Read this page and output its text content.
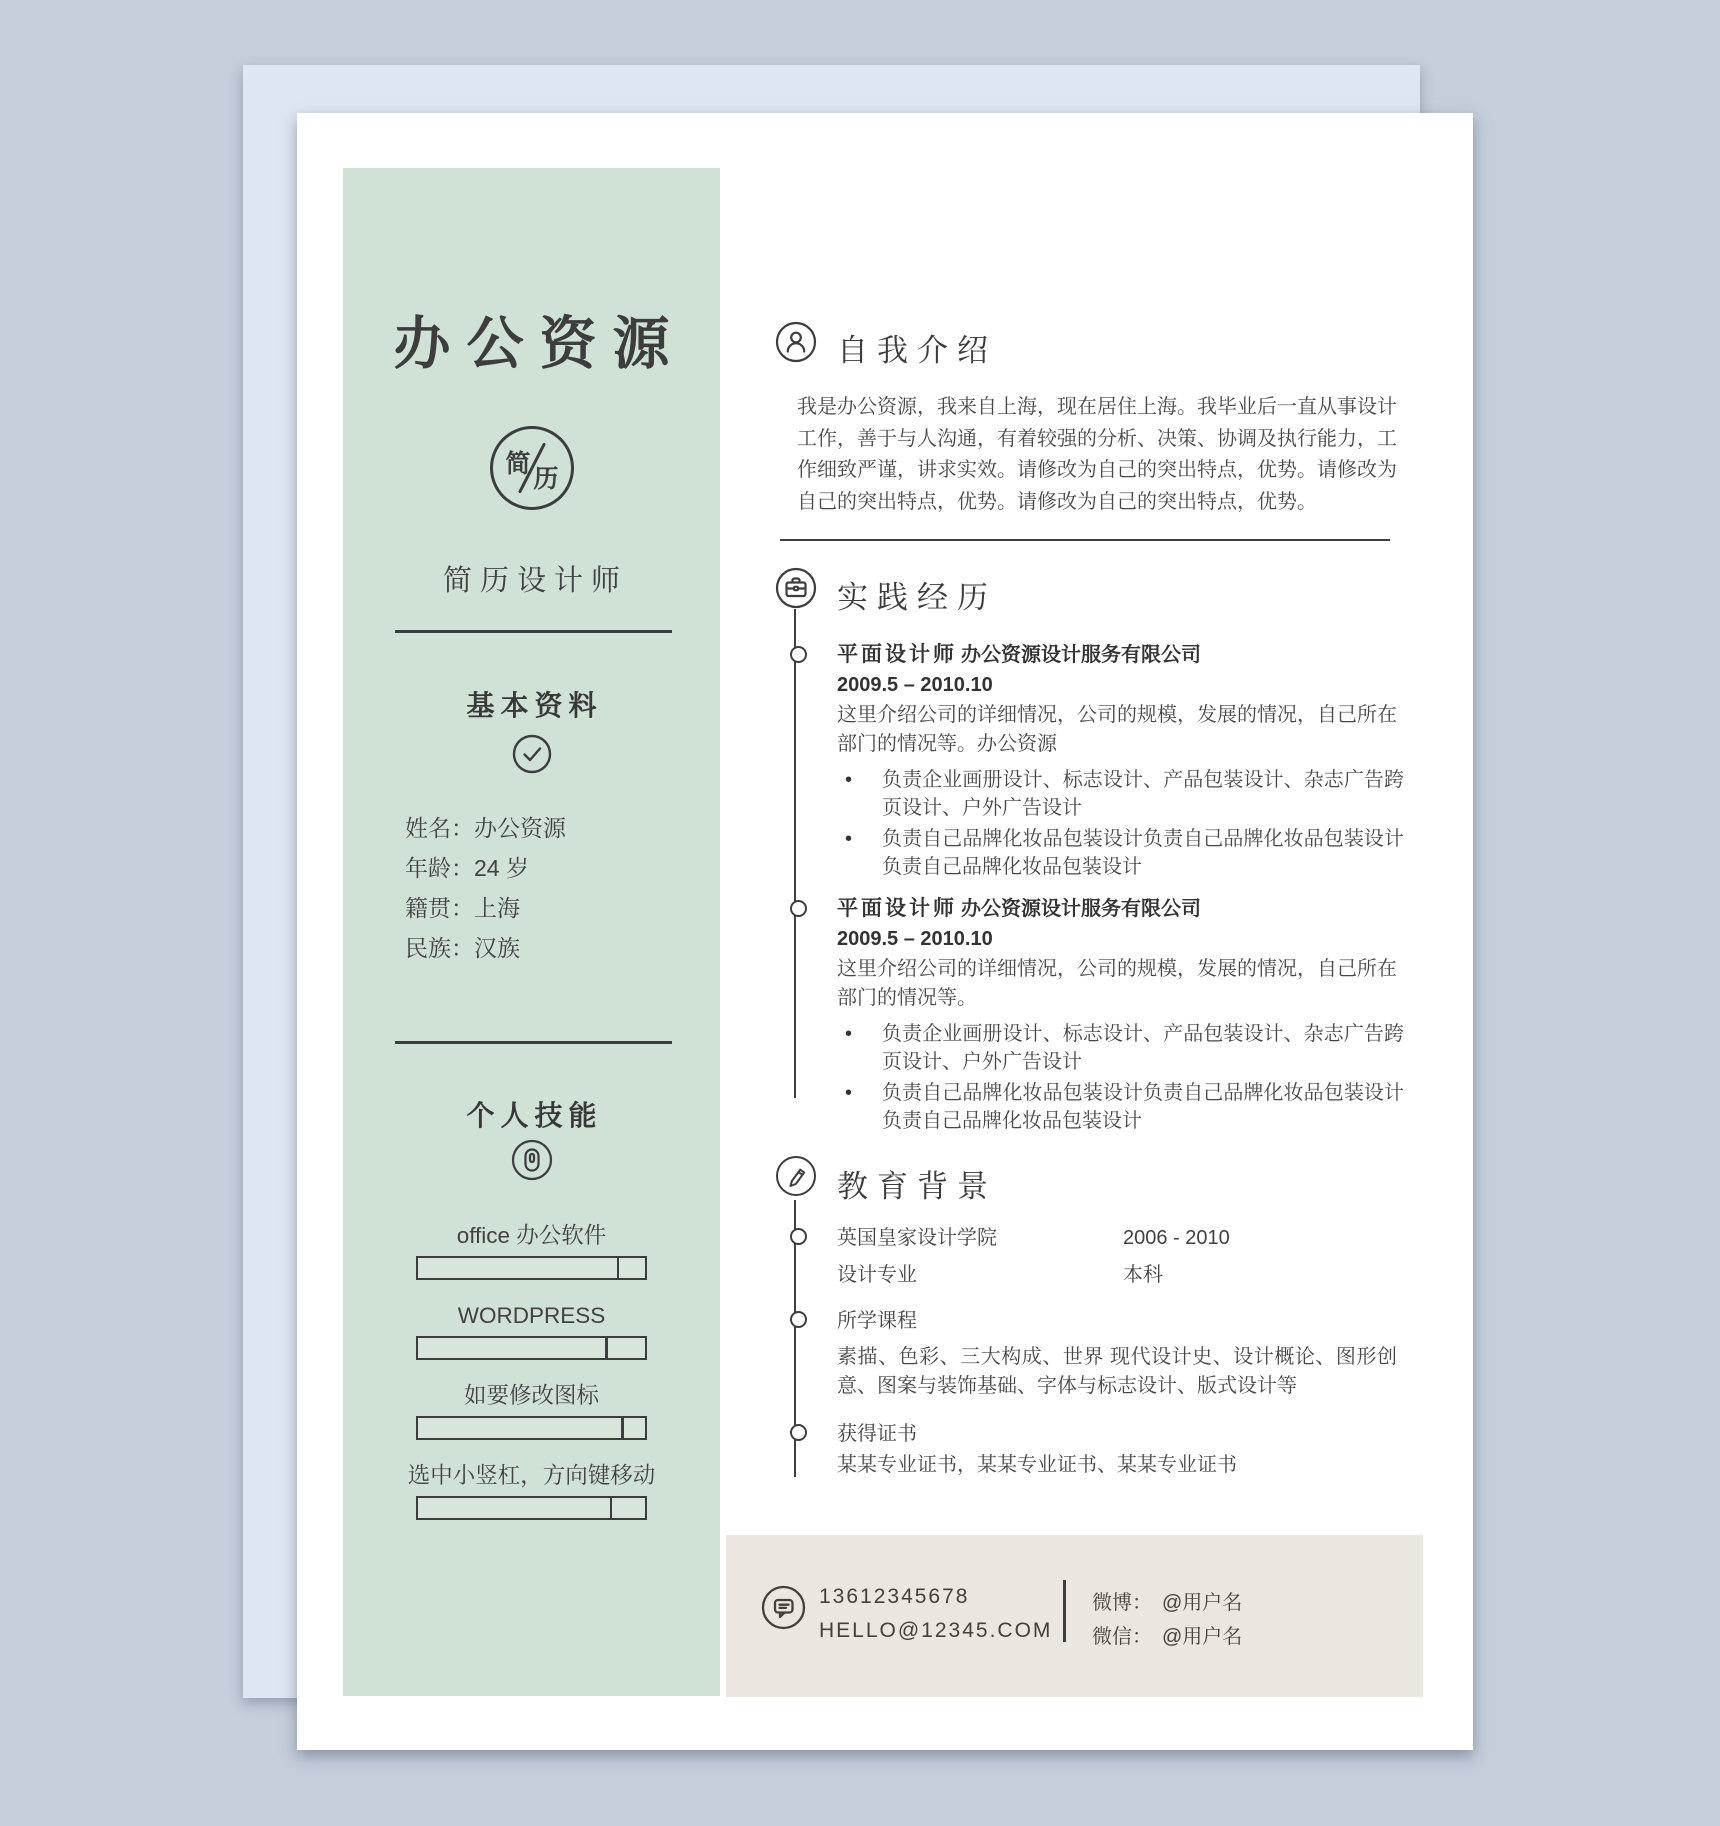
办公资源
简
历
简历设计师
基本资料
姓名：办公资源
年龄：24 岁
籍贯：上海
民族：汉族
个人技能
office 办公软件
WORDPRESS
如要修改图标
选中小竖杠，方向键移动
自我介绍

我是办公资源，我来自上海，现在居住上海。我毕业后一直从事设计工作，善于与人沟通，有着较强的分析、决策、协调及执行能力，工作细致严谨，讲求实效。请修改为自己的突出特点，优势。请修改为自己的突出特点，优势。请修改为自己的突出特点，优势。

实践经历
平面设计师 办公资源设计服务有限公司
2009.5 – 2010.10

这里介绍公司的详细情况，公司的规模，发展的情况，自己所在部门的情况等。办公资源

• 负责企业画册设计、标志设计、产品包装设计、杂志广告跨页设计、户外广告设计
• 负责自己品牌化妆品包装设计负责自己品牌化妆品包装设计负责自己品牌化妆品包装设计
平面设计师 办公资源设计服务有限公司
2009.5 – 2010.10

这里介绍公司的详细情况，公司的规模，发展的情况，自己所在部门的情况等。

• 负责企业画册设计、标志设计、产品包装设计、杂志广告跨页设计、户外广告设计
• 负责自己品牌化妆品包装设计负责自己品牌化妆品包装设计负责自己品牌化妆品包装设计
教育背景
英国皇家设计学院
设计专业
2006 - 2010
本科
所学课程

素描、色彩、三大构成、世界 现代设计史、设计概论、图形创意、图案与装饰基础、字体与标志设计、版式设计等

获得证书

某某专业证书，某某专业证书、某某专业证书

13612345678
HELLO@12345.COM
微博： @用户名
微信： @用户名
